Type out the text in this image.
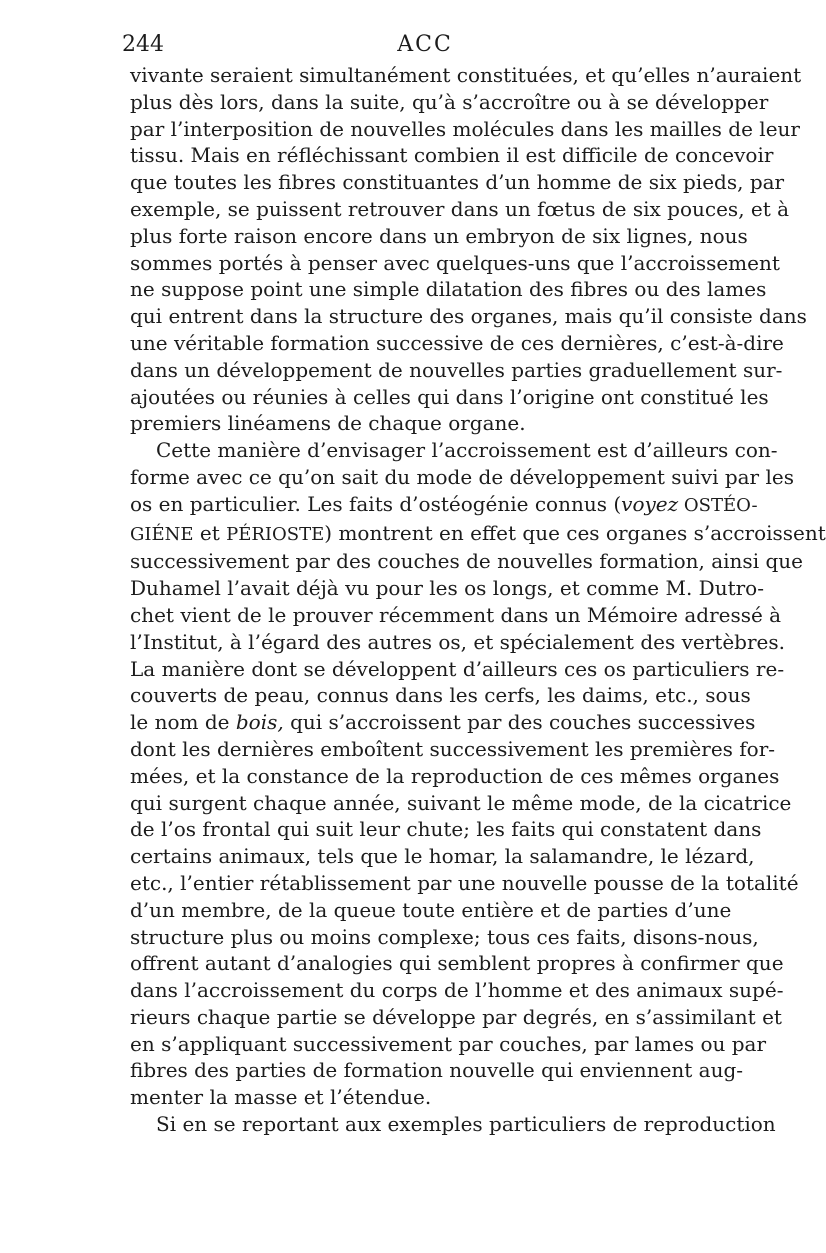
244	ACC
vivante seraient simultanément constituées, et qu’elles n’auraient
plus dès lors, dans la suite, qu’à s’accroître ou à se développer
par l’interposition de nouvelles molécules dans les mailles de leur
tissu. Mais en réfléchissant combien il est difficile de concevoir
que toutes les fibres constituantes d’un homme de six pieds, par
exemple, se puissent retrouver dans un fœtus de six pouces, et à
plus forte raison encore dans un embryon de six lignes, nous
sommes portés à penser avec quelques-uns que l’accroissement
ne suppose point une simple dilatation des fibres ou des lames
qui entrent dans la structure des organes, mais qu’il consiste dans
une véritable formation successive de ces dernières, c’est-à-dire
dans un développement de nouvelles parties graduellement sur-
ajoutées ou réunies à celles qui dans l’origine ont constitué les
premiers linéamens de chaque organe.
Cette manière d’envisager l’accroissement est d’ailleurs con-
forme avec ce qu’on sait du mode de développement suivi par les
os en particulier. Les faits d’ostéogénie connus (voyez OSTÉO-
GIÉNE et PÉRIOSTE) montrent en effet que ces organes s’accroissent
successivement par des couches de nouvelles formation, ainsi que
Duhamel l’avait déjà vu pour les os longs, et comme M. Dutro-
chet vient de le prouver récemment dans un Mémoire adressé à
l’Institut, à l’égard des autres os, et spécialement des vertèbres.
La manière dont se développent d’ailleurs ces os particuliers re-
couverts de peau, connus dans les cerfs, les daims, etc., sous
le nom de bois, qui s’accroissent par des couches successives
dont les dernières emboîtent successivement les premières for-
mées, et la constance de la reproduction de ces mêmes organes
qui surgent chaque année, suivant le même mode, de la cicatrice
de l’os frontal qui suit leur chute; les faits qui constatent dans
certains animaux, tels que le homar, la salamandre, le lézard,
etc., l’entier rétablissement par une nouvelle pousse de la totalité
d’un membre, de la queue toute entière et de parties d’une
structure plus ou moins complexe; tous ces faits, disons-nous,
offrent autant d’analogies qui semblent propres à confirmer que
dans l’accroissement du corps de l’homme et des animaux supé-
rieurs chaque partie se développe par degrés, en s’assimilant et
en s’appliquant successivement par couches, par lames ou par
fibres des parties de formation nouvelle qui enviennent aug-
menter la masse et l’étendue.
Si en se reportant aux exemples particuliers de reproduction
